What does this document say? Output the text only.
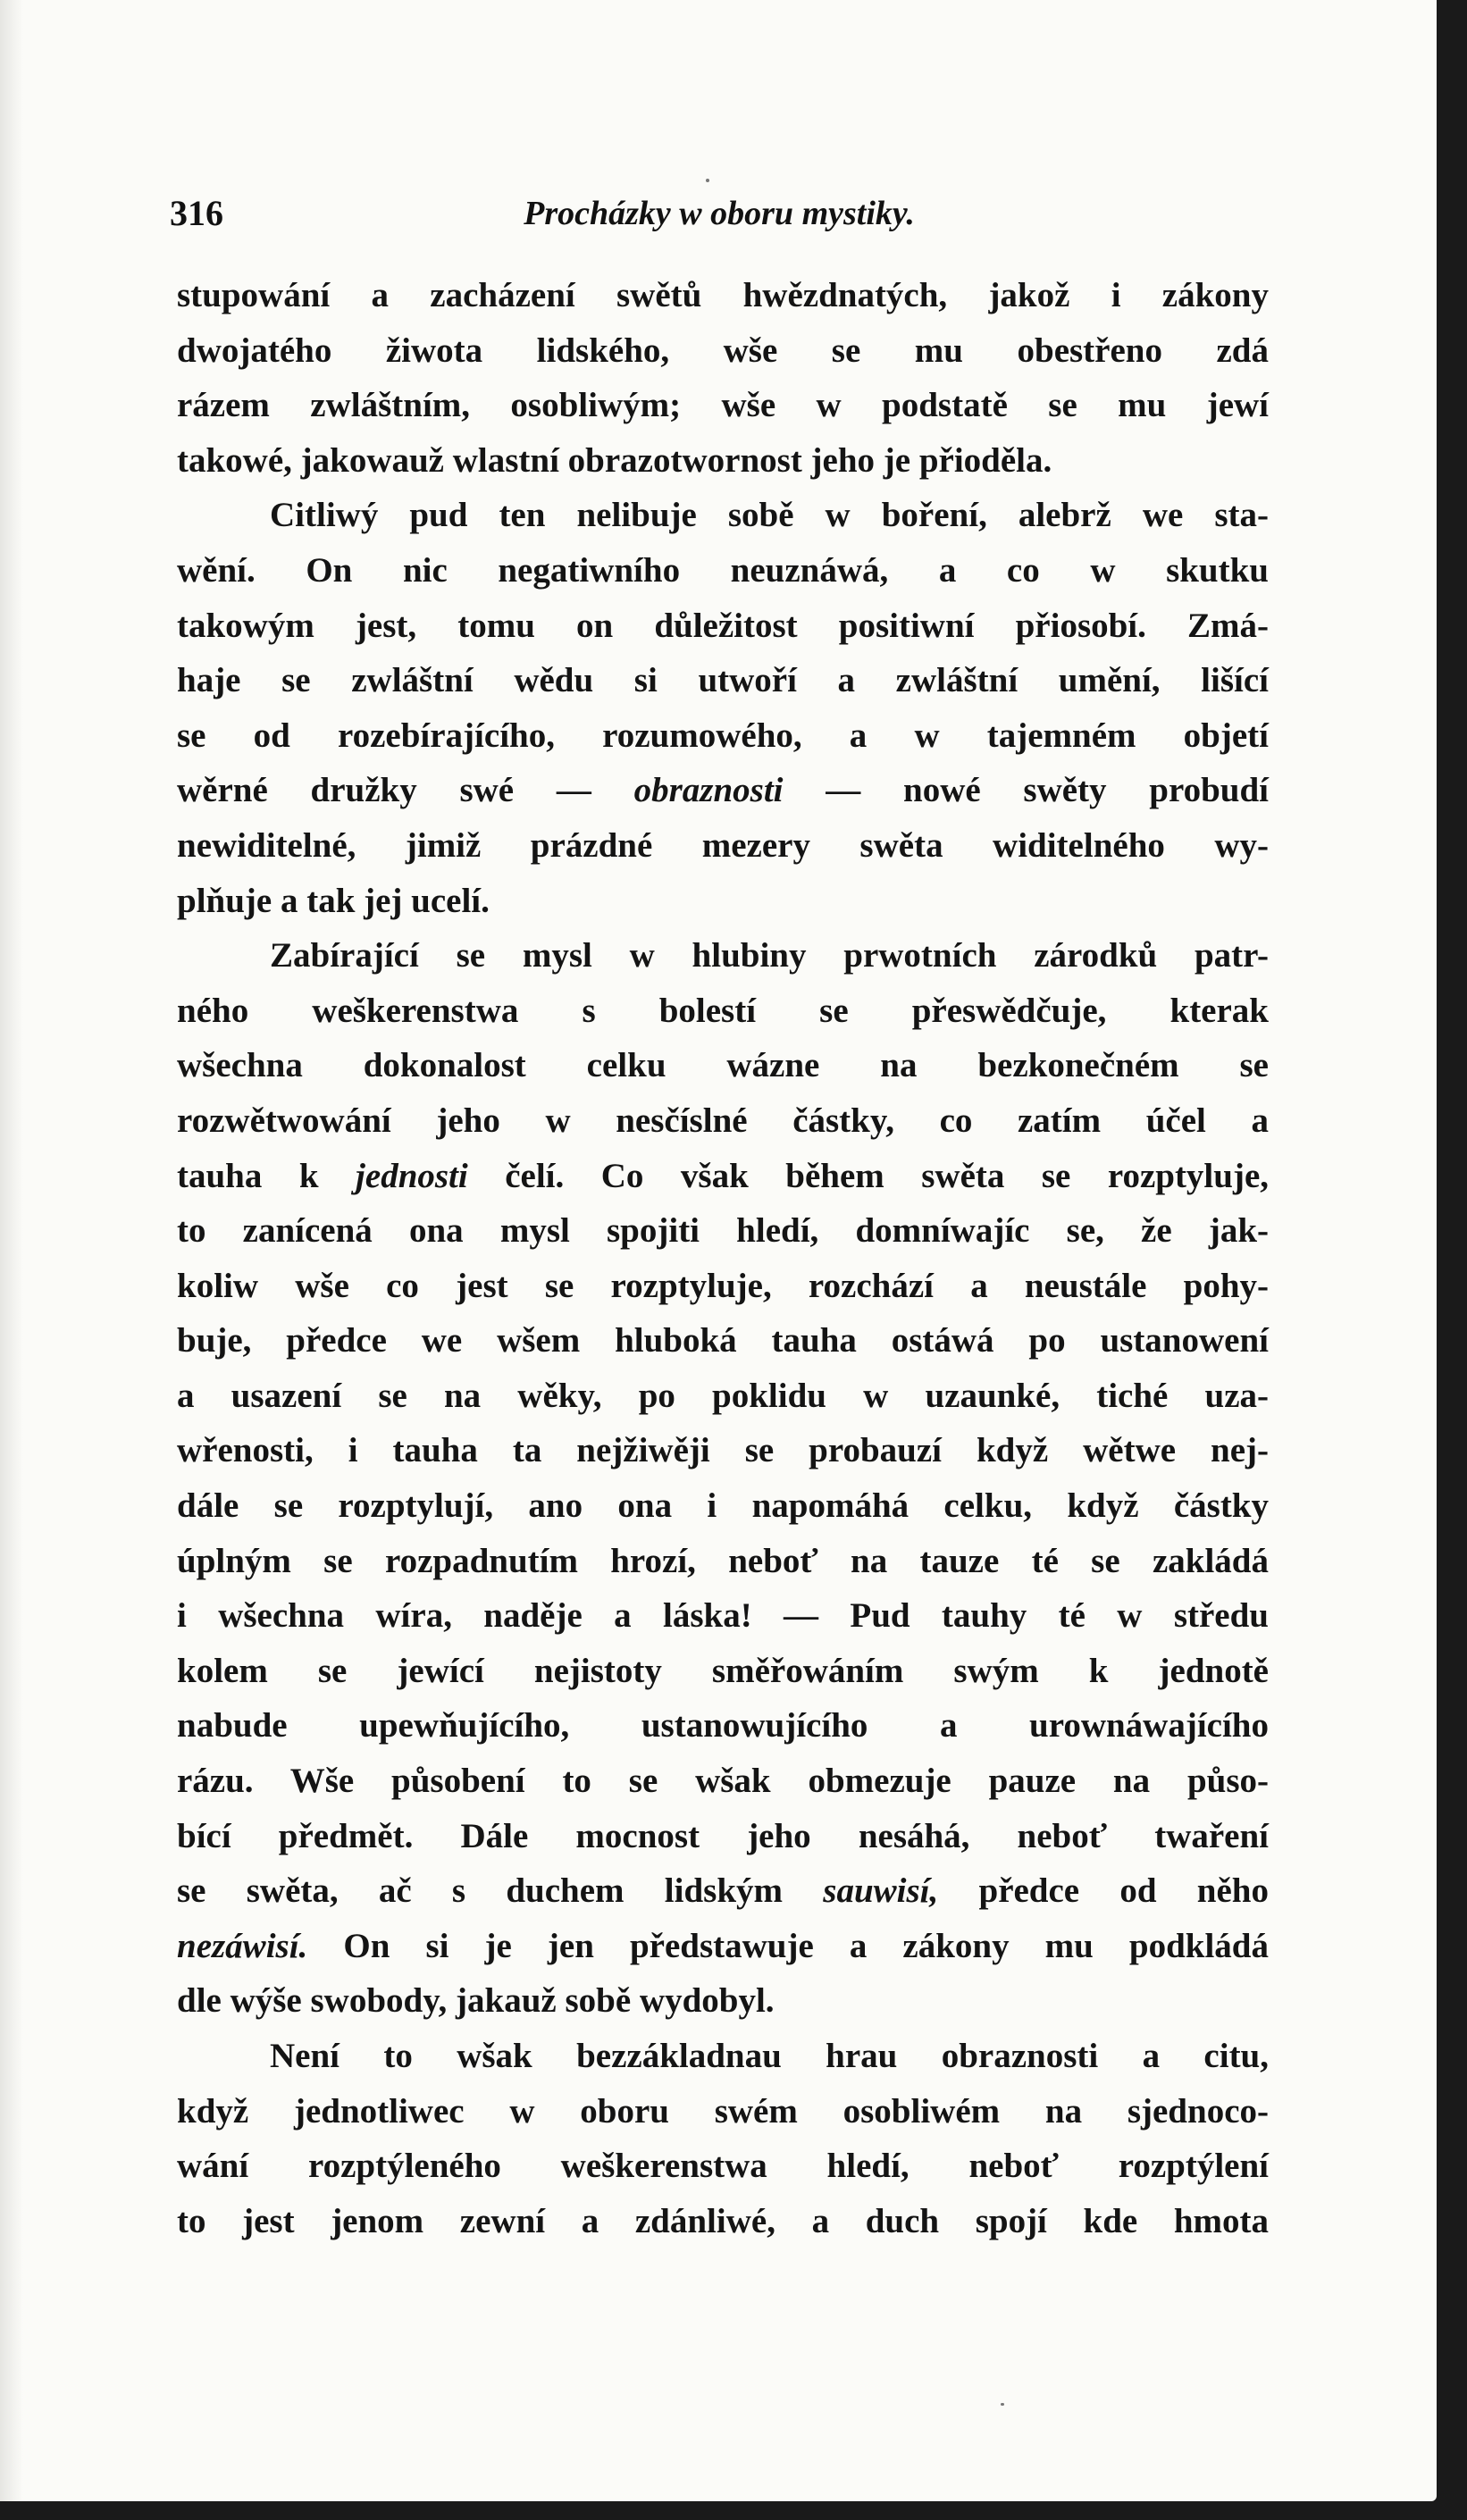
316	Procházky w oboru mystiky.
stupowání a zacházení swětů hwězdnatých, jakož i zákony
dwojatého žiwota lidského, wše se mu obestřeno zdá
rázem zwláštním, osobliwým; wše w podstatě se mu jewí
takowé, jakowauž wlastní obrazotwornost jeho je přioděla.
Citliwý pud ten nelibuje sobě w boření, alebrž we sta-
wění. On nic negatiwního neuznáwá, a co w skutku
takowým jest, tomu on důležitost positiwní přiosobí. Zmá-
haje se zwláštní wědu si utwoří a zwláštní umění, lišící
se od rozebírajícího, rozumowého, a w tajemném objetí
wěrné družky swé — obraznosti — nowé swěty probudí
newiditelné, jimiž prázdné mezery swěta widitelného wy-
plňuje a tak jej ucelí.
Zabírající se mysl w hlubiny prwotních zárodků patr-
ného weškerenstwa s bolestí se přeswědčuje, kterak
wšechna dokonalost celku wázne na bezkonečném se
rozwětwowání jeho w nesčíslné částky, co zatím účel a
tauha k jednosti čelí. Co však během swěta se rozptyluje,
to zanícená ona mysl spojiti hledí, domníwajíc se, že jak-
koliw wše co jest se rozptyluje, rozchází a neustále pohy-
buje, předce we wšem hluboká tauha ostáwá po ustanowení
a usazení se na wěky, po poklidu w uzaunké, tiché uza-
wřenosti, i tauha ta nejžiwěji se probauzí když wětwe nej-
dále se rozptylují, ano ona i napomáhá celku, když částky
úplným se rozpadnutím hrozí, neboť na tauze té se zakládá
i wšechna wíra, naděje a láska! — Pud tauhy té w středu
kolem se jewící nejistoty směřowáním swým k jednotě
nabude upewňujícího, ustanowujícího a urownáwajícího
rázu. Wše působení to se wšak obmezuje pauze na půso-
bící předmět. Dále mocnost jeho nesáhá, neboť twaření
se swěta, ač s duchem lidským sauwisí, předce od něho
nezáwisí. On si je jen předstawuje a zákony mu podkládá
dle wýše swobody, jakauž sobě wydobyl.
Není to wšak bezzákladnau hrau obraznosti a citu,
když jednotliwec w oboru swém osobliwém na sjednoco-
wání rozptýleného weškerenstwa hledí, neboť rozptýlení
to jest jenom zewní a zdánliwé, a duch spojí kde hmota
